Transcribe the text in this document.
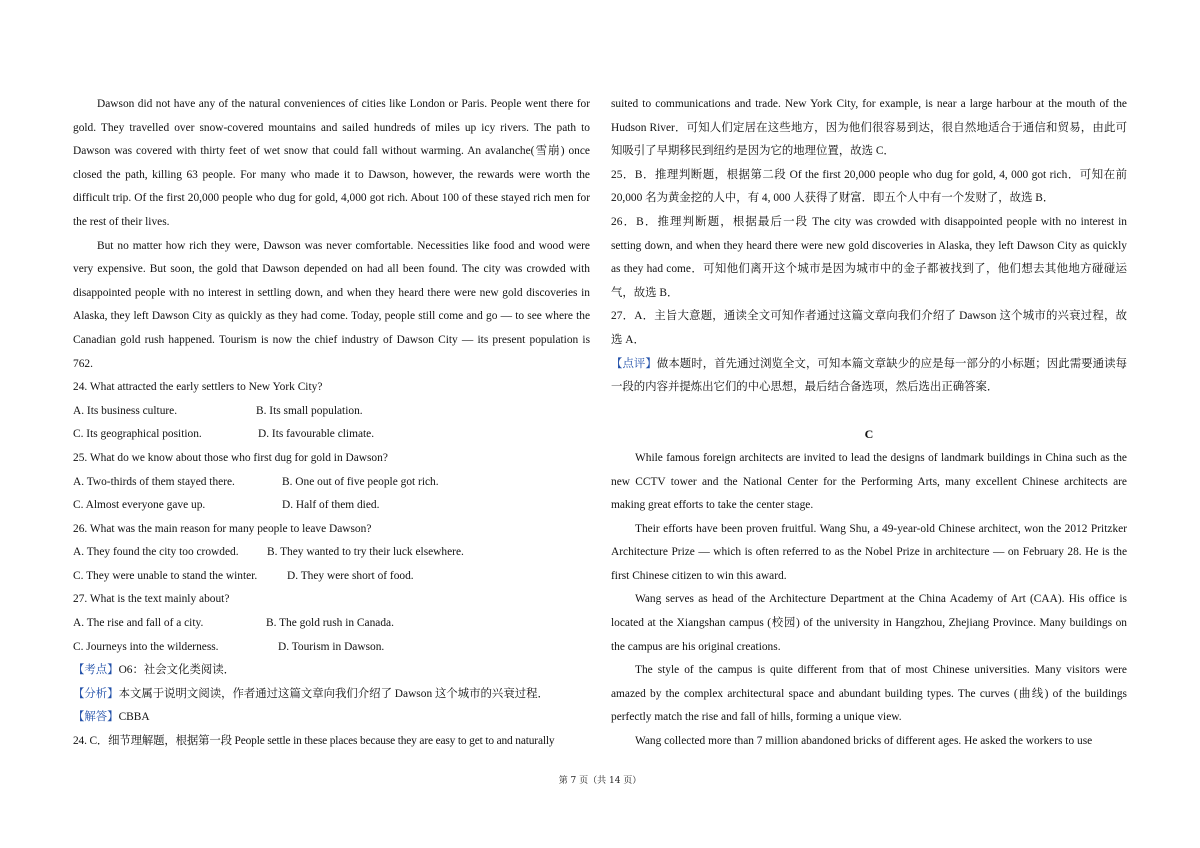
Dawson did not have any of the natural conveniences of cities like London or Paris. People went there for gold. They travelled over snow-covered mountains and sailed hundreds of miles up icy rivers. The path to Dawson was covered with thirty feet of wet snow that could fall without warming. An avalanche(雪崩) once closed the path, killing 63 people. For many who made it to Dawson, however, the rewards were worth the difficult trip. Of the first 20,000 people who dug for gold, 4,000 got rich. About 100 of these stayed rich men for the rest of their lives.

But no matter how rich they were, Dawson was never comfortable. Necessities like food and wood were very expensive. But soon, the gold that Dawson depended on had all been found. The city was crowded with disappointed people with no interest in settling down, and when they heard there were new gold discoveries in Alaska, they left Dawson City as quickly as they had come. Today, people still come and go — to see where the Canadian gold rush happened. Tourism is now the chief industry of Dawson City — its present population is 762.

24. What attracted the early settlers to New York City?

A. Its business culture.	B. Its small population.
C. Its geographical position.	D. Its favourable climate.

25. What do we know about those who first dug for gold in Dawson?

A. Two-thirds of them stayed there.	B. One out of five people got rich.
C. Almost everyone gave up.	D. Half of them died.

26. What was the main reason for many people to leave Dawson?

A. They found the city too crowded.	B. They wanted to try their luck elsewhere.
C. They were unable to stand the winter.	D. They were short of food.

27. What is the text mainly about?

A. The rise and fall of a city.	B. The gold rush in Canada.
C. Journeys into the wilderness.	D. Tourism in Dawson.

【考点】O6：社会文化类阅读．

【分析】本文属于说明文阅读，作者通过这篇文章向我们介绍了 Dawson 这个城市的兴衰过程．

【解答】CBBA

24. C．细节理解题，根据第一段 People settle in these places because they are easy to get to and naturally

suited to communications and trade. New York City, for example, is near a large harbour at the mouth of the Hudson River．可知人们定居在这些地方，因为他们很容易到达，很自然地适合于通信和贸易，由此可知吸引了早期移民到纽约是因为它的地理位置，故选 C．

25．B．推理判断题，根据第二段 Of the first 20,000 people who dug for gold, 4, 000 got rich．可知在前 20,000 名为黄金挖的人中，有 4, 000 人获得了财富．即五个人中有一个发财了，故选 B．

26．B．推理判断题，根据最后一段 The city was crowded with disappointed people with no interest in setting down, and when they heard there were new gold discoveries in Alaska, they left Dawson City as quickly as they had come．可知他们离开这个城市是因为城市中的金子都被找到了，他们想去其他地方碰碰运气，故选 B．

27．A．主旨大意题，通读全文可知作者通过这篇文章向我们介绍了 Dawson 这个城市的兴衰过程，故选 A．

【点评】做本题时，首先通过浏览全文，可知本篇文章缺少的应是每一部分的小标题；因此需要通读每一段的内容并提炼出它们的中心思想，最后结合备选项，然后选出正确答案．

C

While famous foreign architects are invited to lead the designs of landmark buildings in China such as the new CCTV tower and the National Center for the Performing Arts, many excellent Chinese architects are making great efforts to take the center stage.

Their efforts have been proven fruitful. Wang Shu, a 49-year-old Chinese architect, won the 2012 Pritzker Architecture Prize — which is often referred to as the Nobel Prize in architecture — on February 28. He is the first Chinese citizen to win this award.

Wang serves as head of the Architecture Department at the China Academy of Art (CAA). His office is located at the Xiangshan campus (校园) of the university in Hangzhou, Zhejiang Province. Many buildings on the campus are his original creations.

The style of the campus is quite different from that of most Chinese universities. Many visitors were amazed by the complex architectural space and abundant building types. The curves (曲线) of the buildings perfectly match the rise and fall of hills, forming a unique view.

Wang collected more than 7 million abandoned bricks of different ages. He asked the workers to use

第 7 页（共 14 页）
